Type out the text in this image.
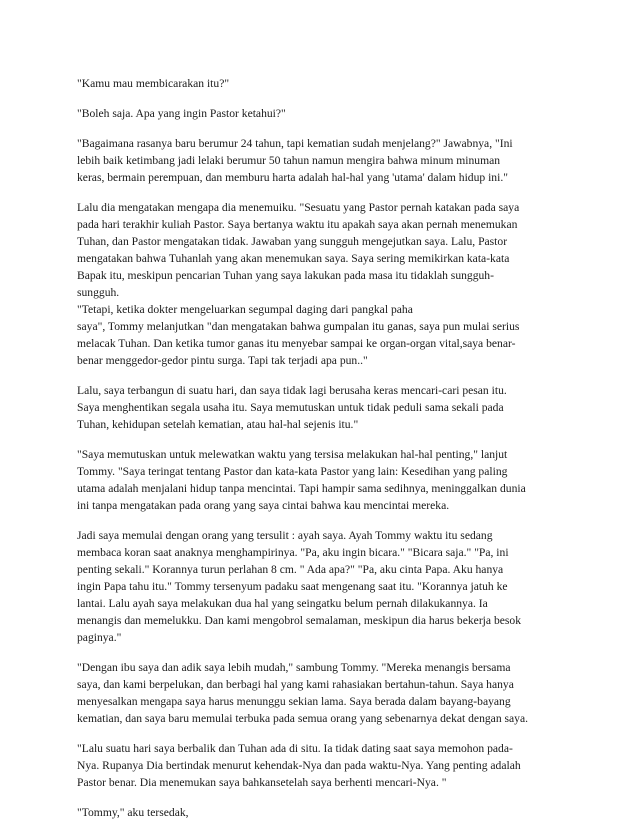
"Kamu mau membicarakan itu?"

"Boleh saja. Apa yang ingin Pastor ketahui?"

"Bagaimana rasanya baru berumur 24 tahun, tapi kematian sudah menjelang?" Jawabnya, "Ini
lebih baik ketimbang jadi lelaki berumur 50 tahun namun mengira bahwa minum minuman
keras, bermain perempuan, dan memburu harta adalah hal-hal yang 'utama' dalam hidup ini."

Lalu dia mengatakan mengapa dia menemuiku. "Sesuatu yang Pastor pernah katakan pada saya
pada hari terakhir kuliah Pastor. Saya bertanya waktu itu apakah saya akan pernah menemukan
Tuhan, dan Pastor mengatakan tidak. Jawaban yang sungguh mengejutkan saya. Lalu, Pastor
mengatakan bahwa Tuhanlah yang akan menemukan saya. Saya sering memikirkan kata-kata
Bapak itu, meskipun pencarian Tuhan yang saya lakukan pada masa itu tidaklah sungguh-
sungguh.

"Tetapi, ketika dokter mengeluarkan segumpal daging dari pangkal paha
saya", Tommy melanjutkan "dan mengatakan bahwa gumpalan itu ganas, saya pun mulai serius
melacak Tuhan. Dan ketika tumor ganas itu menyebar sampai ke organ-organ vital,saya benar-
benar menggedor-gedor pintu surga. Tapi tak terjadi apa pun.."

Lalu, saya terbangun di suatu hari, dan saya tidak lagi berusaha keras mencari-cari pesan itu.
Saya menghentikan segala usaha itu. Saya memutuskan untuk tidak peduli sama sekali pada
Tuhan, kehidupan setelah kematian, atau hal-hal sejenis itu."

"Saya memutuskan untuk melewatkan waktu yang tersisa melakukan hal-hal penting," lanjut
Tommy. "Saya teringat tentang Pastor dan kata-kata Pastor yang lain: Kesedihan yang paling
utama adalah menjalani hidup tanpa mencintai. Tapi hampir sama sedihnya, meninggalkan dunia
ini tanpa mengatakan pada orang yang saya cintai bahwa kau mencintai mereka.

Jadi saya memulai dengan orang yang tersulit : ayah saya. Ayah Tommy waktu itu sedang
membaca koran saat anaknya menghampirinya. "Pa, aku ingin bicara." "Bicara saja." "Pa, ini
penting sekali." Korannya turun perlahan 8 cm. " Ada apa?" "Pa, aku cinta Papa. Aku hanya
ingin Papa tahu itu." Tommy tersenyum padaku saat mengenang saat itu. "Korannya jatuh ke
lantai. Lalu ayah saya melakukan dua hal yang seingatku belum pernah dilakukannya. Ia
menangis dan memelukku. Dan kami mengobrol semalaman, meskipun dia harus bekerja besok
paginya."

"Dengan ibu saya dan adik saya lebih mudah," sambung Tommy. "Mereka menangis bersama
saya, dan kami berpelukan, dan berbagi hal yang kami rahasiakan bertahun-tahun. Saya hanya
menyesalkan mengapa saya harus menunggu sekian lama. Saya berada dalam bayang-bayang
kematian, dan saya baru memulai terbuka pada semua orang yang sebenarnya dekat dengan saya.

"Lalu suatu hari saya berbalik dan Tuhan ada di situ. Ia tidak dating saat saya memohon pada-
Nya. Rupanya Dia bertindak menurut kehendak-Nya dan pada waktu-Nya. Yang penting adalah
Pastor benar. Dia menemukan saya bahkansetelah saya berhenti mencari-Nya. "

"Tommy," aku tersedak,
